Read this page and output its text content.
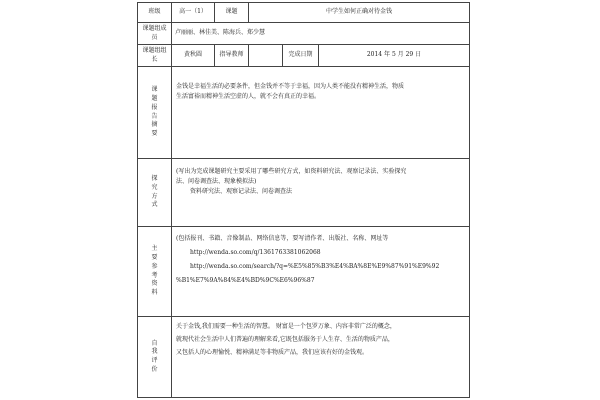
班级	高一（1）	课题	中学生如何正确对待金钱		
课题组成员	卢丽丽、林佳美、陈海兵、郑少慧				
课题组组长	黄秋圆	指导教师		完成日期	2014 年 5 月 29 日
课题报告摘要	金钱是幸福生活的必要条件，但金钱并不等于幸福，因为人类不能没有精神生活，物质

生活富裕而精神生活空虚的人，就不会有真正的幸福。				

探究方式	(写出为完成课题研究主要采用了哪些研究方式，如资料研究法、观察记录法、实验探究

法、问卷调查法、现象模拟法)

资料研究法、观察记录法、问卷调查法				

主要参考资料	(包括报刊、书籍、音像制品、网络信息等，要写清作者、出版社、名称、网址等

http://wenda.so.com/q/1361763381062068

http://wenda.so.com/search/?q=%E5%85%B3%E4%BA%8E%E9%87%91%E9%92

%B1%E7%9A%84%E4%BD%9C%E6%96%87				

自我评价	关于金钱,我们需要一种生活的智慧。 财富是一个包罗万象、内容非常广泛的概念，

就现代社会生活中人们普遍的理解来看,它既包括服务于人生存、生活的物质产品，

又包括人的心理愉悦、精神满足等非物质产品，我们应该有好的金钱观。				
